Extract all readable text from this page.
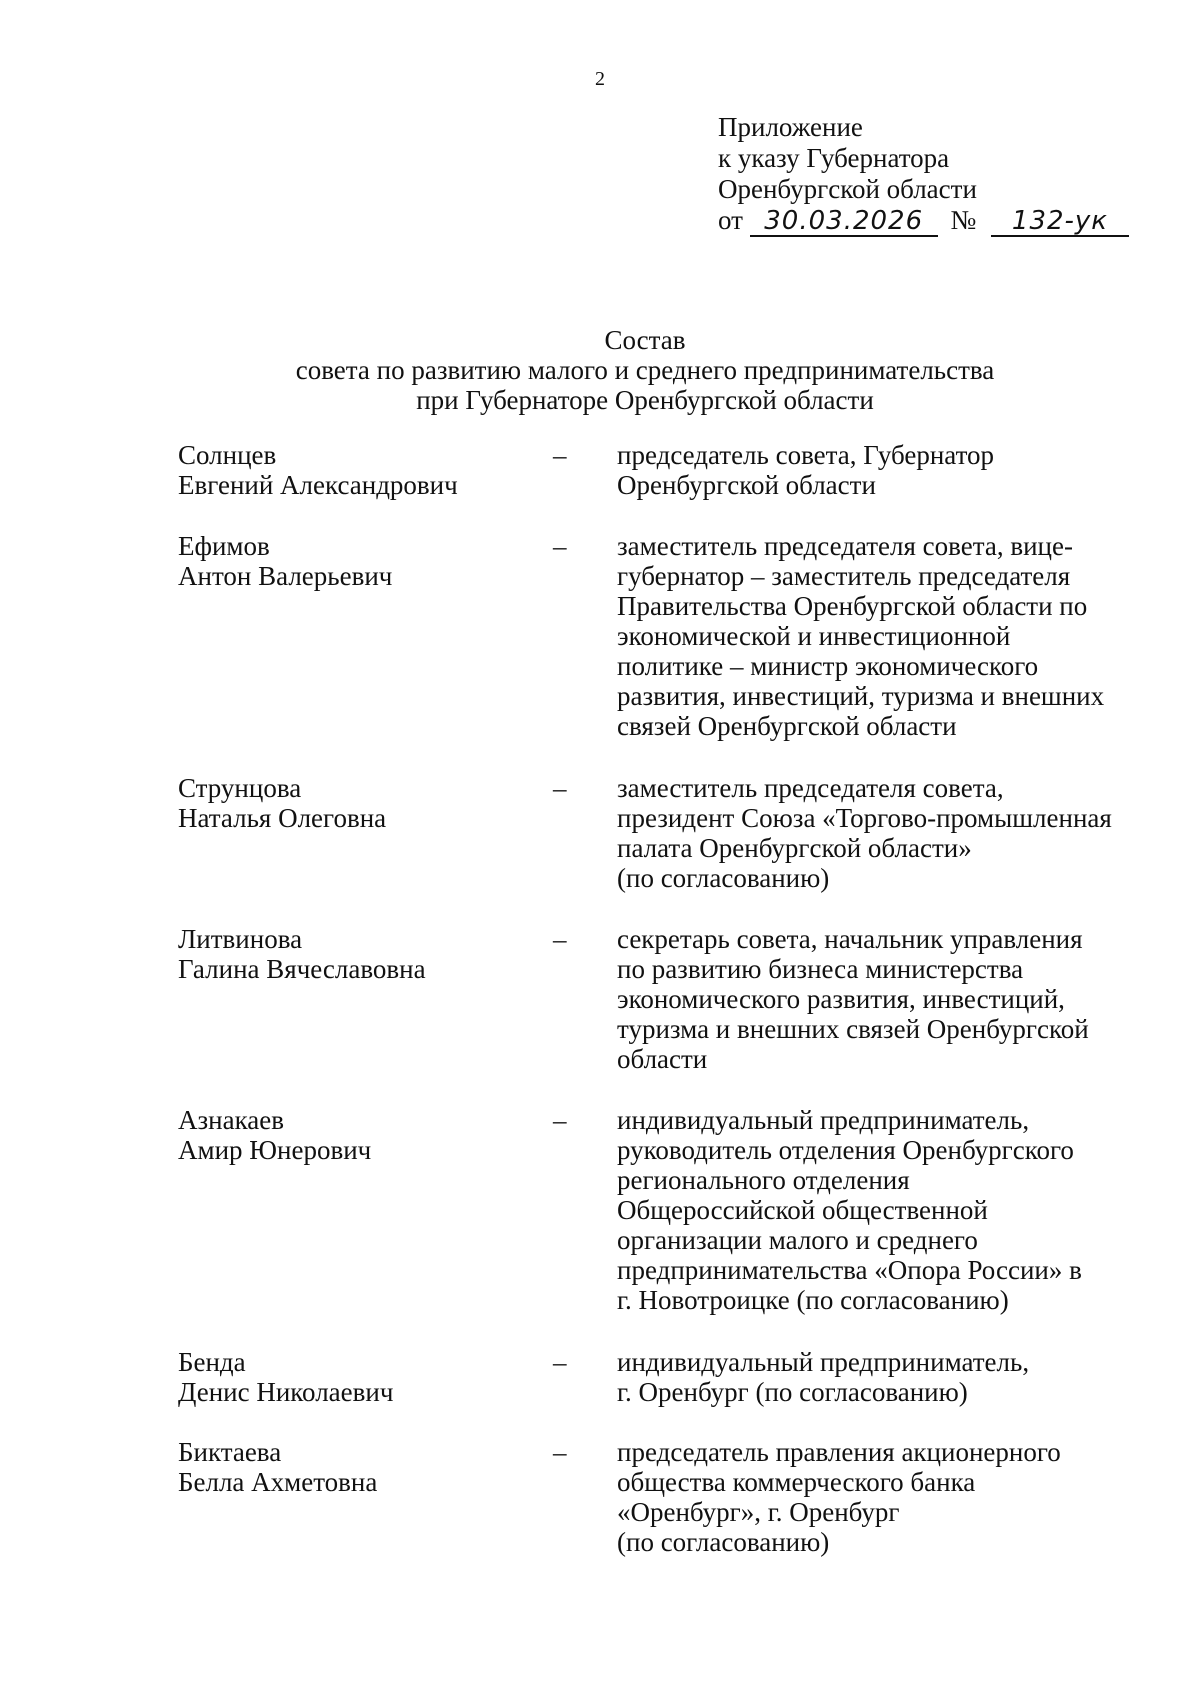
2
Приложение
к указу Губернатора
Оренбургской области
от 30.03.2026 № 132-ук
Состав
совета по развитию малого и среднего предпринимательства
при Губернаторе Оренбургской области
Солнцев
Евгений Александрович
– председатель совета, Губернатор
Оренбургской области
Ефимов
Антон Валерьевич
– заместитель председателя совета, вице-
губернатор – заместитель председателя
Правительства Оренбургской области по
экономической и инвестиционной
политике – министр экономического
развития, инвестиций, туризма и внешних
связей Оренбургской области
Струнцова
Наталья Олеговна
– заместитель председателя совета,
президент Союза «Торгово-промышленная
палата Оренбургской области»
(по согласованию)
Литвинова
Галина Вячеславовна
– секретарь совета, начальник управления
по развитию бизнеса министерства
экономического развития, инвестиций,
туризма и внешних связей Оренбургской
области
Азнакаев
Амир Юнерович
– индивидуальный предприниматель,
руководитель отделения Оренбургского
регионального отделения
Общероссийской общественной
организации малого и среднего
предпринимательства «Опора России» в
г. Новотроицке (по согласованию)
Бенда
Денис Николаевич
– индивидуальный предприниматель,
г. Оренбург (по согласованию)
Биктаева
Белла Ахметовна
– председатель правления акционерного
общества коммерческого банка
«Оренбург», г. Оренбург
(по согласованию)
